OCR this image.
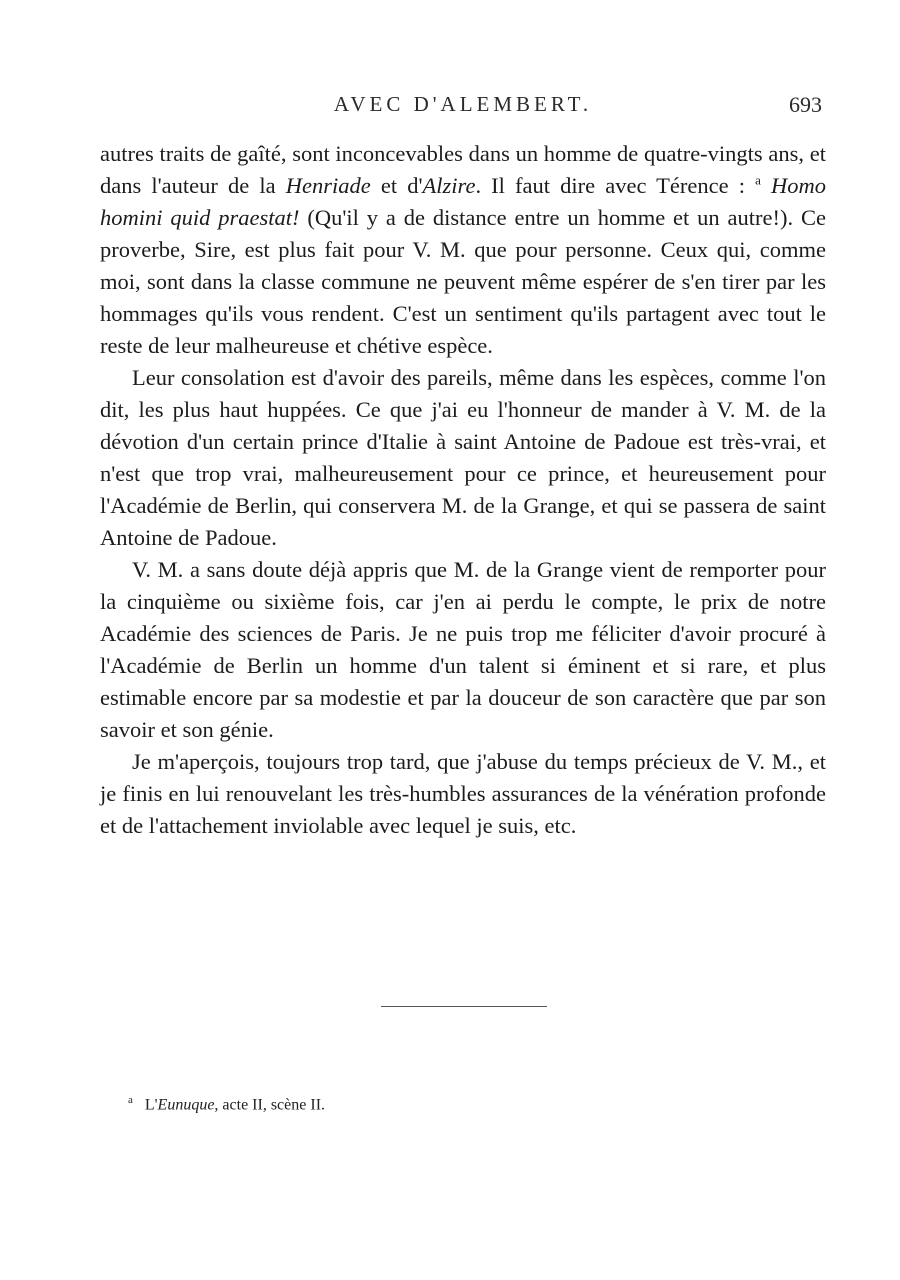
AVEC D'ALEMBERT.	693

autres traits de gaîté, sont inconcevables dans un homme de quatre-vingts ans, et dans l'auteur de la Henriade et d'Alzire. Il faut dire avec Térence : $^a$ Homo homini quid praestat! (Qu'il y a de distance entre un homme et un autre!). Ce proverbe, Sire, est plus fait pour V. M. que pour personne. Ceux qui, comme moi, sont dans la classe commune ne peuvent même espérer de s'en tirer par les hommages qu'ils vous rendent. C'est un sentiment qu'ils partagent avec tout le reste de leur malheureuse et chétive espèce.

Leur consolation est d'avoir des pareils, même dans les espèces, comme l'on dit, les plus haut huppées. Ce que j'ai eu l'honneur de mander à V. M. de la dévotion d'un certain prince d'Italie à saint Antoine de Padoue est très-vrai, et n'est que trop vrai, malheureusement pour ce prince, et heureusement pour l'Académie de Berlin, qui conservera M. de la Grange, et qui se passera de saint Antoine de Padoue.

V. M. a sans doute déjà appris que M. de la Grange vient de remporter pour la cinquième ou sixième fois, car j'en ai perdu le compte, le prix de notre Académie des sciences de Paris. Je ne puis trop me féliciter d'avoir procuré à l'Académie de Berlin un homme d'un talent si éminent et si rare, et plus estimable encore par sa modestie et par la douceur de son caractère que par son savoir et son génie.

Je m'aperçois, toujours trop tard, que j'abuse du temps précieux de V. M., et je finis en lui renouvelant les très-humbles assurances de la vénération profonde et de l'attachement inviolable avec lequel je suis, etc.

$^a$ L'Eunuque, acte II, scène II.
